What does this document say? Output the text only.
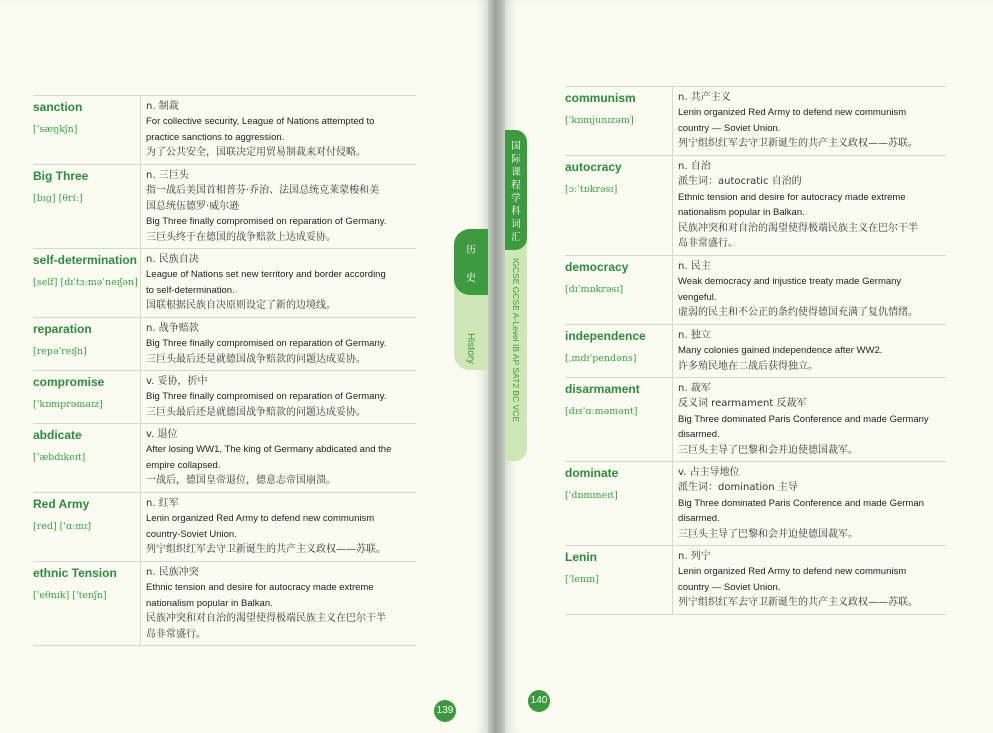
sanction
['sæŋkʃn]
n. 制裁
For collective security, League of Nations attempted to
practice sanctions to aggression.
为了公共安全，国联决定用贸易制裁来对付侵略。
Big Three
[bɪɡ] [θriː]
n. 三巨头
指一战后美国首相普芬·乔治、法国总统克莱蒙梭和美
国总统伍德罗·威尔逊
Big Three finally compromised on reparation of Germany.
三巨头终于在德国的战争赔款上达成妥协。
self-determination
[self] [dɪˈtɜːməˈneɪʃən]
n. 民族自决
League of Nations set new territory and border according
to self-determination.
国联根据民族自决原则设定了新的边境线。
reparation
[repə'reɪʃn]
n. 战争赔款
Big Three finally compromised on reparation of Germany.
三巨头最后还是就德国战争赔款的问题达成妥协。
compromise
['kɒmprəmaɪz]
v. 妥协，折中
Big Three finally compromised on reparation of Germany.
三巨头最后还是就德国战争赔款的问题达成妥协。
abdicate
['æbdɪkeɪt]
v. 退位
After losing WW1, The king of Germany abdicated and the
empire collapsed.
一战后，德国皇帝退位，德意志帝国崩溃。
Red Army
[red] ['ɑːmɪ]
n. 红军
Lenin organized Red Army to defend new communism
country-Soviet Union.
列宁组织红军去守卫新诞生的共产主义政权——苏联。
ethnic Tension
['eθnɪk] ['tenʃn]
n. 民族冲突
Ethnic tension and desire for autocracy made extreme
nationalism popular in Balkan.
民族冲突和对自治的渴望使得极端民族主义在巴尔干半
岛非常盛行。
139
communism
['kɒmjunɪzəm]
n. 共产主义
Lenin organized Red Army to defend new communism
country — Soviet Union.
列宁组织红军去守卫新诞生的共产主义政权——苏联。
autocracy
[ɔːˈtɒkrəsɪ]
n. 自治
派生词：autocratic 自治的
Ethnic tension and desire for autocracy made extreme
nationalism popular in Balkan.
民族冲突和对自治的渴望使得极端民族主义在巴尔干半
岛非常盛行。
democracy
[dɪˈmɒkrəsɪ]
n. 民主
Weak democracy and injustice treaty made Germany
vengeful.
虚弱的民主和不公正的条约使得德国充满了复仇情绪。
independence
[ˌɪndɪ'pendəns]
n. 独立
Many colonies gained independence after WW2.
许多殖民地在二战后获得独立。
disarmament
[dɪs'ɑːməmənt]
n. 裁军
反义词 rearmament 反裁军
Big Three dominated Paris Conference and made Germany
disarmed.
三巨头主导了巴黎和会并迫使德国裁军。
dominate
['dɒmɪneɪt]
v. 占主导地位
派生词：domination 主导
Big Three dominated Paris Conference and made German
disarmed.
三巨头主导了巴黎和会并迫使德国裁军。
Lenin
['lenɪn]
n. 列宁
Lenin organized Red Army to defend new communism
country — Soviet Union.
列宁组织红军去守卫新诞生的共产主义政权——苏联。
140
历
史
History
国
际
课
程
学
科
词
汇
IGCSE GCSE A-Level IB AP SAT2 BC VCE
